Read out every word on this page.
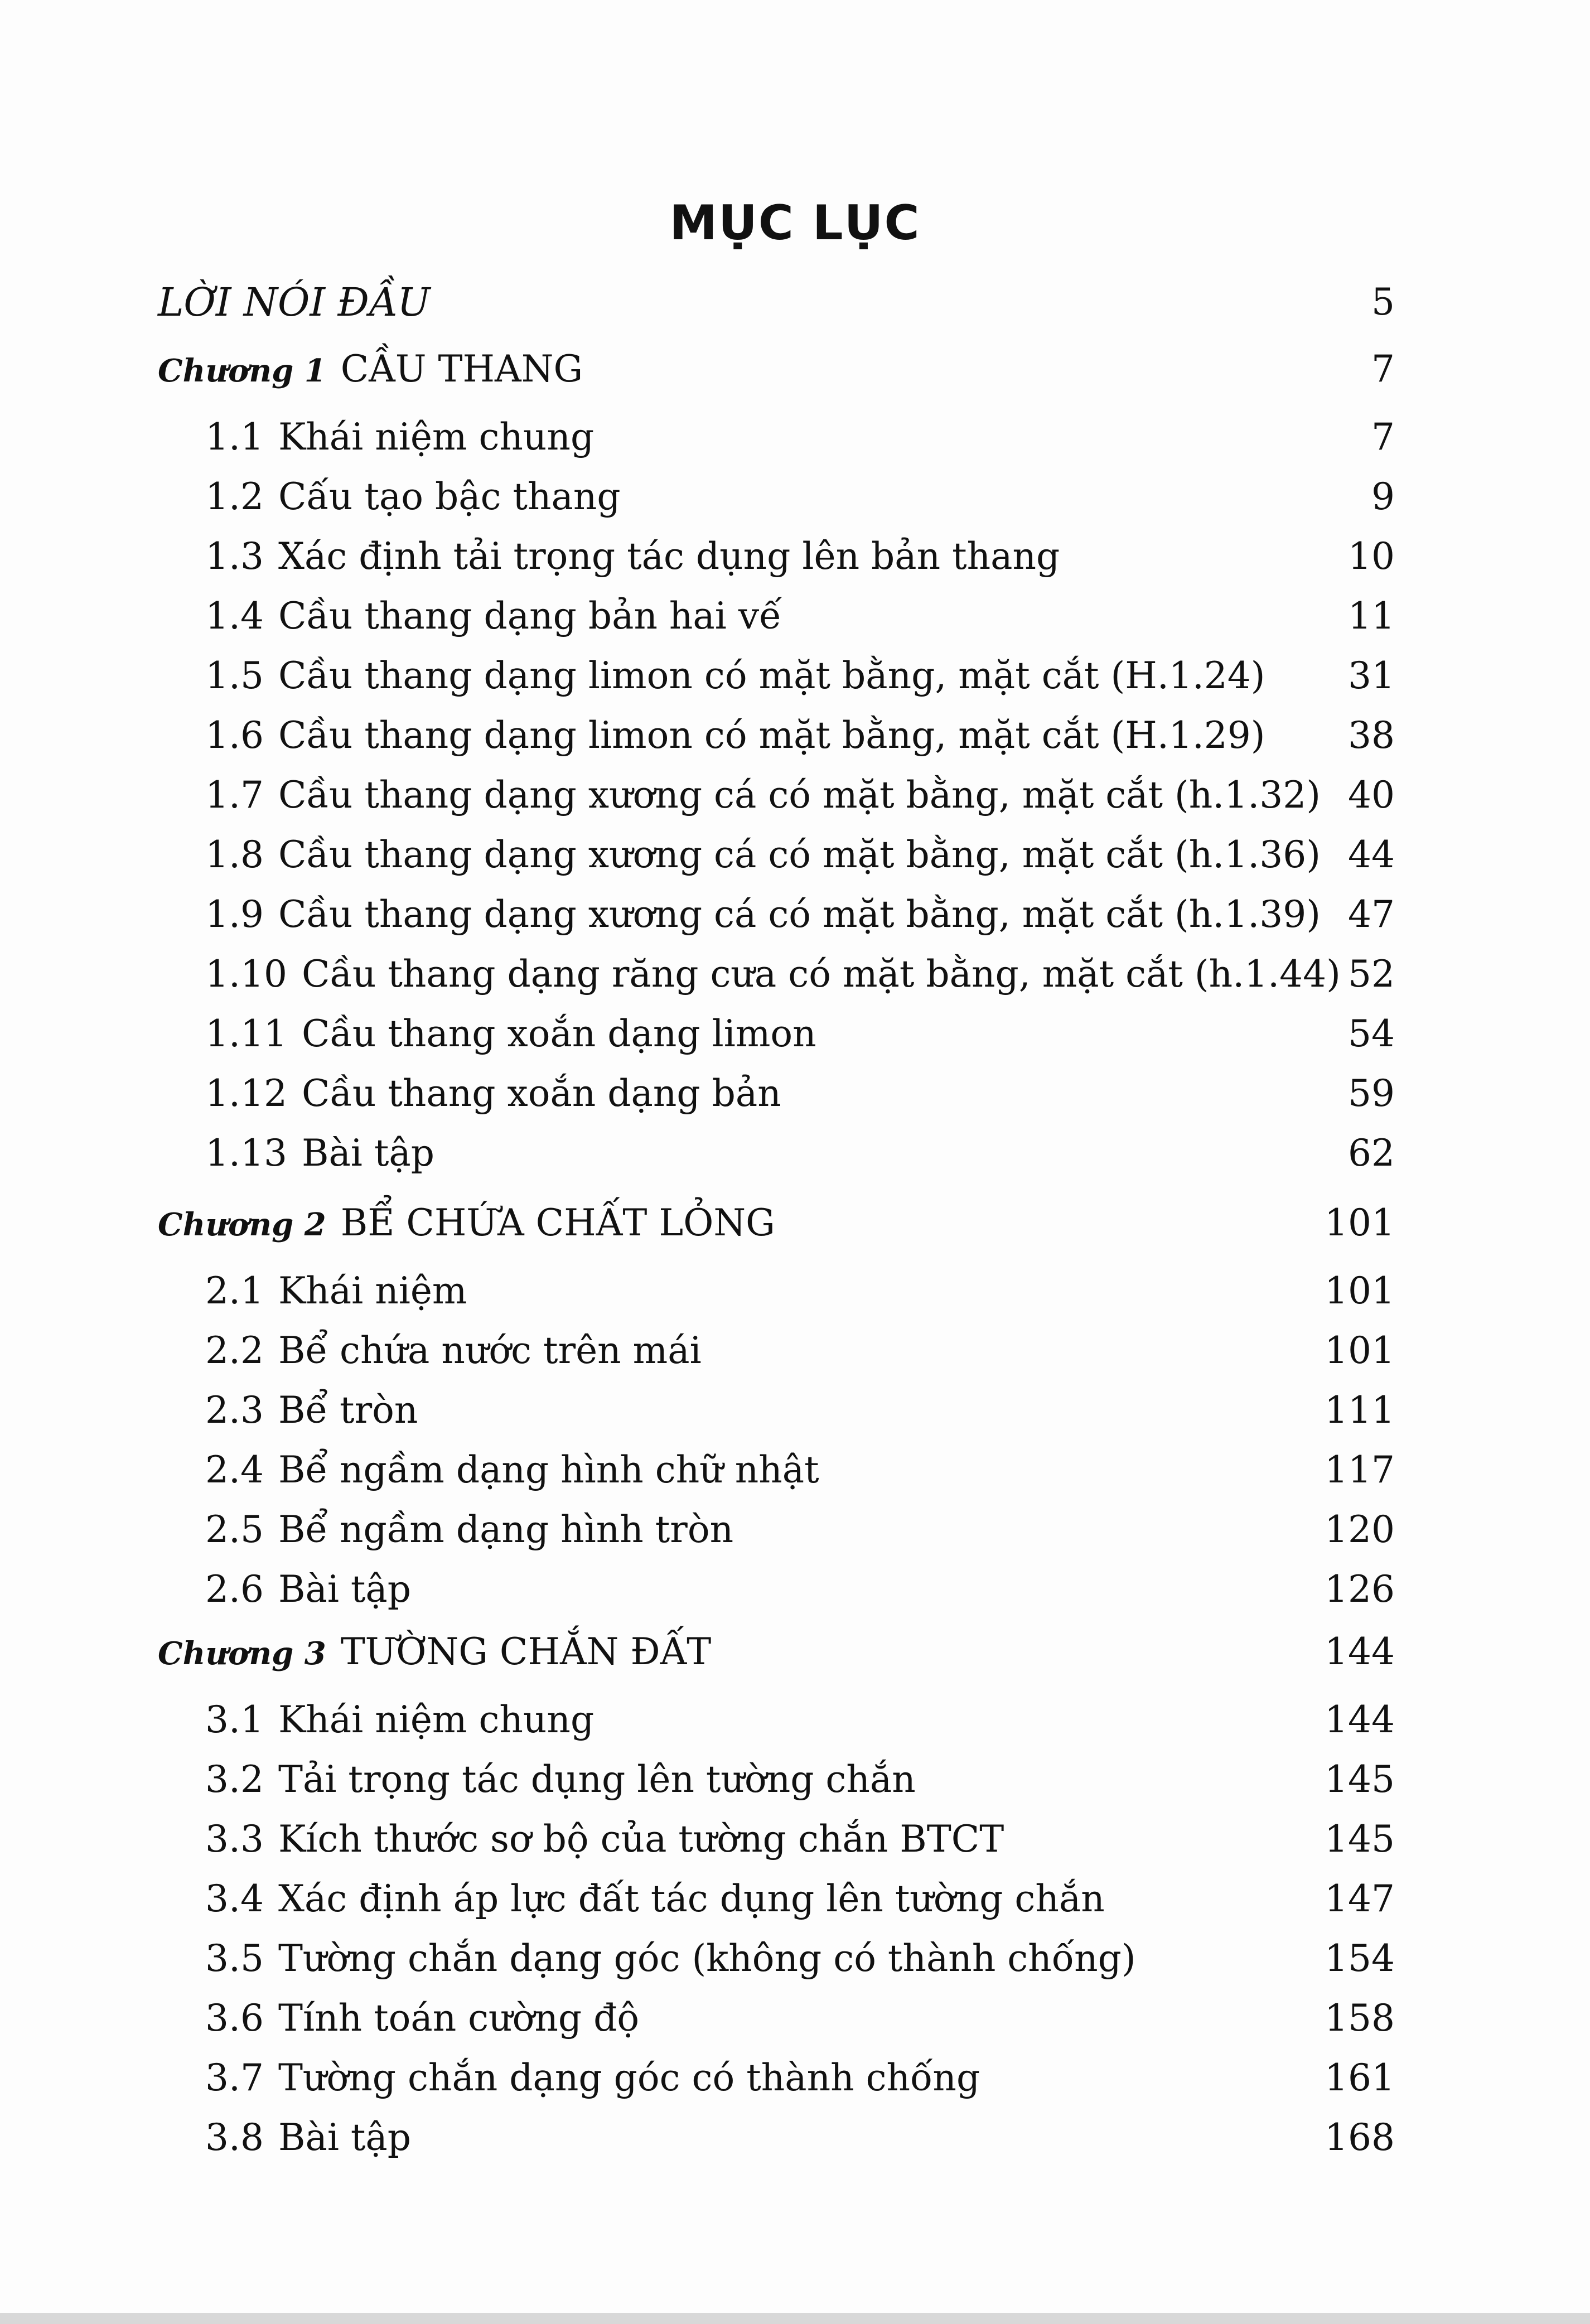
MỤC LỤC
LỜI NÓI ĐẦU	5
Chương 1 CẦU THANG	7
1.1 Khái niệm chung	7
1.2 Cấu tạo bậc thang	9
1.3 Xác định tải trọng tác dụng lên bản thang	10
1.4 Cầu thang dạng bản hai vế	11
1.5 Cầu thang dạng limon có mặt bằng, mặt cắt (H.1.24) 31
1.6 Cầu thang dạng limon có mặt bằng, mặt cắt (H.1.29) 38
1.7 Cầu thang dạng xương cá có mặt bằng, mặt cắt (h.1.32) 40
1.8 Cầu thang dạng xương cá có mặt bằng, mặt cắt (h.1.36) 44
1.9 Cầu thang dạng xương cá có mặt bằng, mặt cắt (h.1.39) 47
1.10 Cầu thang dạng răng cưa có mặt bằng, mặt cắt (h.1.44) 52
1.11 Cầu thang xoắn dạng limon	54
1.12 Cầu thang xoắn dạng bản	59
1.13 Bài tập	62
Chương 2 BỂ CHỨA CHẤT LỎNG	101
2.1 Khái niệm	101
2.2 Bể chứa nước trên mái	101
2.3 Bể tròn	111
2.4 Bể ngầm dạng hình chữ nhật	117
2.5 Bể ngầm dạng hình tròn	120
2.6 Bài tập	126
Chương 3 TƯỜNG CHẮN ĐẤT	144
3.1 Khái niệm chung	144
3.2 Tải trọng tác dụng lên tường chắn	145
3.3 Kích thước sơ bộ của tường chắn BTCT	145
3.4 Xác định áp lực đất tác dụng lên tường chắn	147
3.5 Tường chắn dạng góc (không có thành chống)	154
3.6 Tính toán cường độ	158
3.7 Tường chắn dạng góc có thành chống	161
3.8 Bài tập	168
